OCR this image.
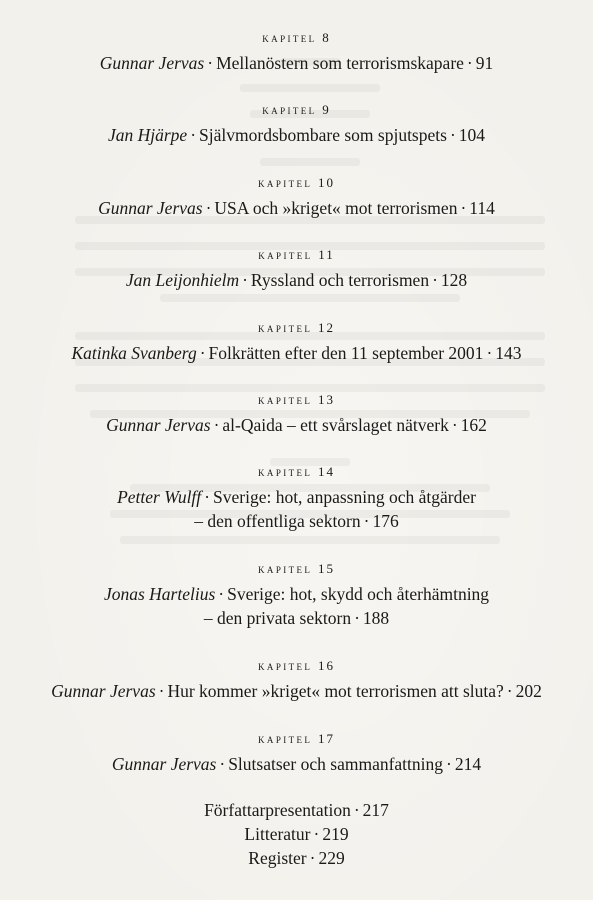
kapitel 8
Gunnar Jervas · Mellanöstern som terrorismskapare · 91
kapitel 9
Jan Hjärpe · Självmordsbombare som spjutspets · 104
kapitel 10
Gunnar Jervas · USA och »kriget« mot terrorismen · 114
kapitel 11
Jan Leijonhielm · Ryssland och terrorismen · 128
kapitel 12
Katinka Svanberg · Folkrätten efter den 11 september 2001 · 143
kapitel 13
Gunnar Jervas · al-Qaida – ett svårslaget nätverk · 162
kapitel 14
Petter Wulff · Sverige: hot, anpassning och åtgärder
– den offentliga sektorn · 176
kapitel 15
Jonas Hartelius · Sverige: hot, skydd och återhämtning
– den privata sektorn · 188
kapitel 16
Gunnar Jervas · Hur kommer »kriget« mot terrorismen att sluta? · 202
kapitel 17
Gunnar Jervas · Slutsatser och sammanfattning · 214
Författarpresentation · 217
Litteratur · 219
Register · 229
